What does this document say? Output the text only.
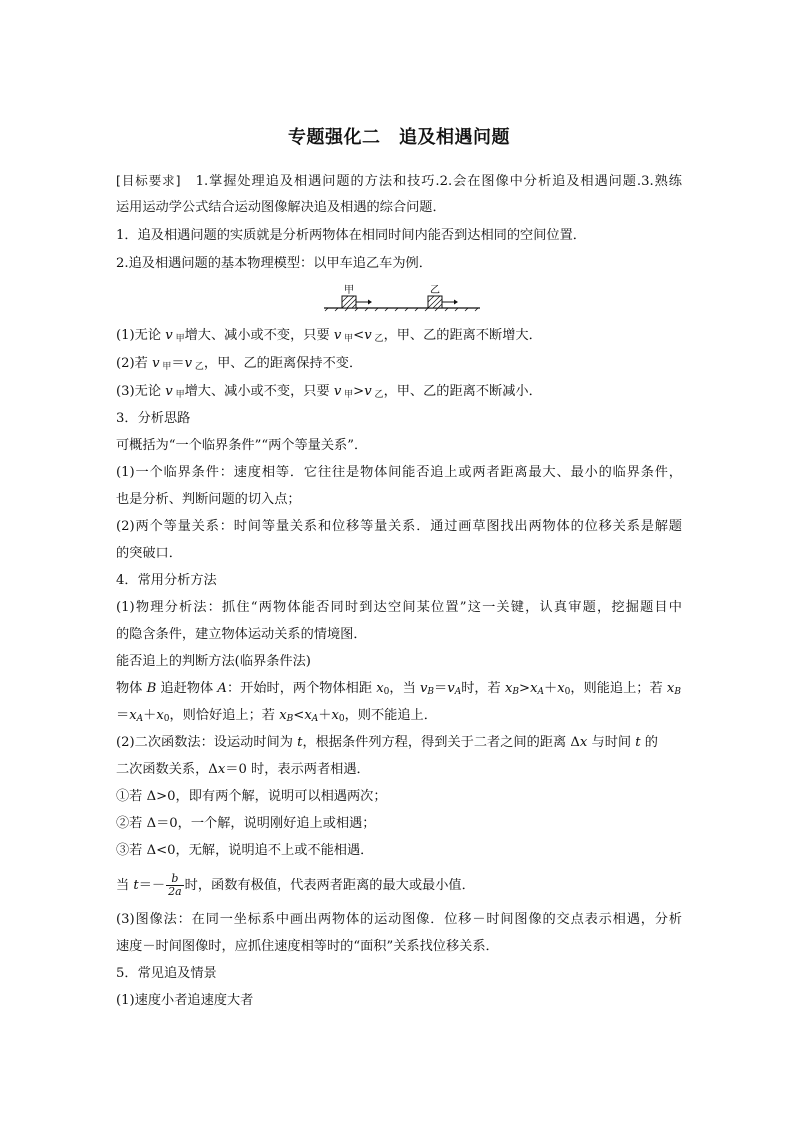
专题强化二　追及相遇问题
[目标要求]　1.掌握处理追及相遇问题的方法和技巧.2.会在图像中分析追及相遇问题.3.熟练
运用运动学公式结合运动图像解决追及相遇的综合问题．
1．追及相遇问题的实质就是分析两物体在相同时间内能否到达相同的空间位置．
2.追及相遇问题的基本物理模型：以甲车追乙车为例．
甲	乙
(1)无论 v $_甲$增大、减小或不变，只要 v $_甲$<v $_乙$，甲、乙的距离不断增大．
(2)若 v $_甲$＝v $_乙$，甲、乙的距离保持不变．
(3)无论 v $_甲$增大、减小或不变，只要 v $_甲$>v $_乙$，甲、乙的距离不断减小．
3．分析思路
可概括为“一个临界条件”“两个等量关系”．
(1)一个临界条件：速度相等．它往往是物体间能否追上或两者距离最大、最小的临界条件，
也是分析、判断问题的切入点；
(2)两个等量关系：时间等量关系和位移等量关系．通过画草图找出两物体的位移关系是解题
的突破口．
4．常用分析方法
(1)物理分析法：抓住“两物体能否同时到达空间某位置”这一关键，认真审题，挖掘题目中
的隐含条件，建立物体运动关系的情境图．
能否追上的判断方法(临界条件法)
物体 B 追赶物体 A：开始时，两个物体相距 $x_0$，当 $v_B=v_A$时，若 $x_B>x_A+x_0$，则能追上；若 $x_B$
$=x_A+x_0$，则恰好追上；若 $x_B<x_A+x_0$，则不能追上．
(2)二次函数法：设运动时间为 t，根据条件列方程，得到关于二者之间的距离 Δx 与时间 t 的
二次函数关系，Δx＝0 时，表示两者相遇．
①若 Δ>0，即有两个解，说明可以相遇两次；
②若 Δ＝0，一个解，说明刚好追上或相遇；
③若 Δ<0，无解，说明追不上或不能相遇．
当 $t=- \frac{b}{2a}$ 时，函数有极值，代表两者距离的最大或最小值．
(3)图像法：在同一坐标系中画出两物体的运动图像．位移－时间图像的交点表示相遇，分析
速度－时间图像时，应抓住速度相等时的“面积”关系找位移关系．
5．常见追及情景
(1)速度小者追速度大者
